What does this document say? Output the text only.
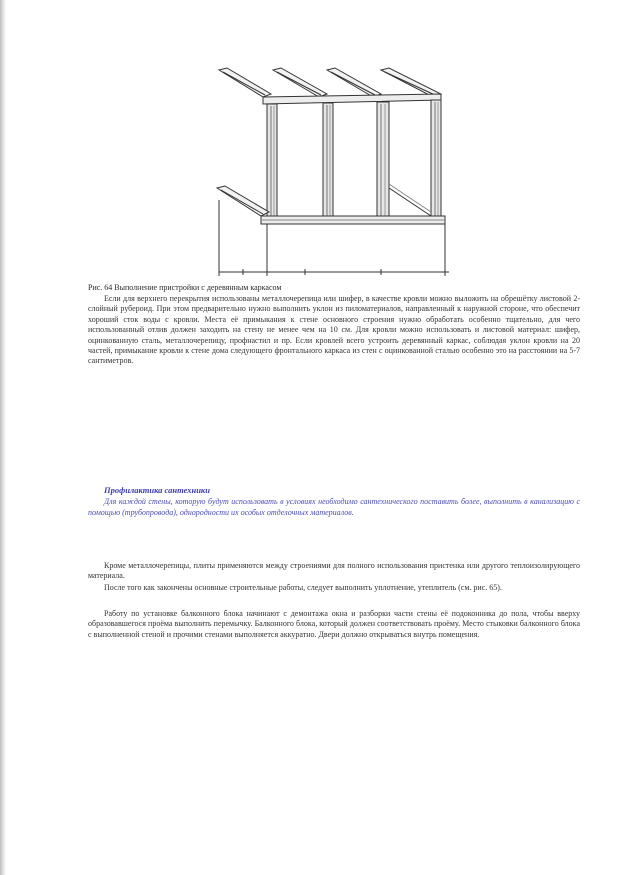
Рис. 64 Выполнение пристройки с деревянным каркасом
Если для верхнего перекрытия использованы металлочерепица или шифер, в качестве кровли можно выложить на обрешётку листовой 2-слойный рубероид. При этом предварительно нужно выполнить уклон из пиломатериалов, направленный к наружной стороне, что обеспечит хороший сток воды с кровли. Места её примыкания к стене основного строения нужно обработать особенно тщательно, для чего использованный отлив должен заходить на стену не менее чем на 10 см. Для кровли можно использовать и листовой материал: шифер, оцинкованную сталь, металлочерепицу, профнастил и пр. Если кровлей всего устроить деревянный каркас, соблюдая уклон кровли на 20 частей, примыкание кровли к стене дома следующего фронтального каркаса из стен с оцинкованной сталью особенно это на расстоянии на 5-7 сантиметров.
Профилактика сантехники
Для каждой стены, которую будут использовать в условиях необходимо сантехнического поставить более, выполнить в канализацию с помощью (трубопровода), однородности их особых отделочных материалов.
Кроме металлочерепицы, плиты применяются между строениями для полного использования пристенка или другого теплоизолирующего материала.
После того как закончены основные строительные работы, следует выполнить уплотнение, утеплитель (см. рис. 65).
Работу по установке балконного блока начинают с демонтажа окна и разборки части стены её подоконника до пола, чтобы вверху образовавшегося проёма выполнить перемычку. Балконного блока, который должен соответствовать проёму. Место стыковки балконного блока с выполненной стеной и прочими стенами выполняется аккуратно. Двери должно открываться внутрь помещения.
